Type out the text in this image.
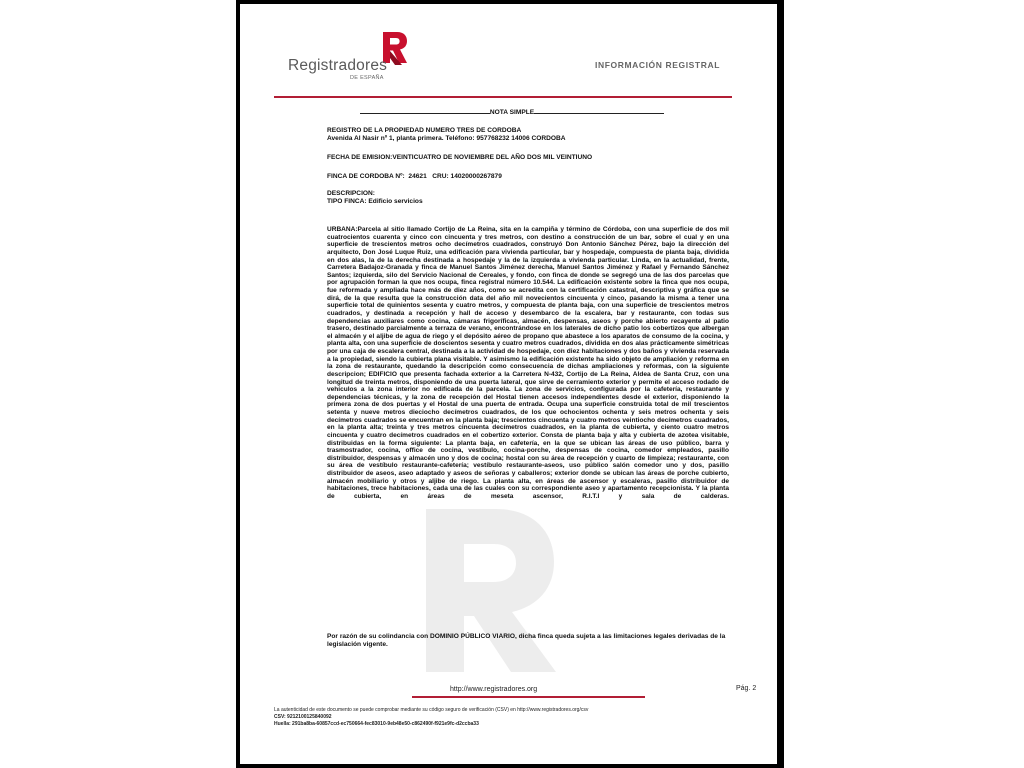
Registradores
DE ESPAÑA
INFORMACIÓN REGISTRAL
NOTA SIMPLE
REGISTRO DE LA PROPIEDAD NUMERO TRES DE CORDOBA
Avenida Al Nasir nº 1, planta primera. Teléfono: 957768232 14006 CORDOBA
FECHA DE EMISION:VEINTICUATRO DE NOVIEMBRE DEL AÑO DOS MIL VEINTIUNO
FINCA DE CORDOBA Nº:  24621   CRU: 14020000267879
DESCRIPCION:
TIPO FINCA: Edificio servicios
URBANA:Parcela al sitio llamado Cortijo de La Reina, sita en la campiña y término de Córdoba, con una superficie de dos mil cuatrocientos cuarenta y cinco con cincuenta y tres metros, con destino a construcción de un bar, sobre el cual y en una superficie de trescientos metros ocho decímetros cuadrados, construyó Don Antonio Sánchez Pérez, bajo la dirección del arquitecto, Don José Luque Ruiz, una edificación para vivienda particular, bar y hospedaje, compuesta de planta baja, dividida en dos alas, la de la derecha destinada a hospedaje y la de la izquierda a vivienda particular. Linda, en la actualidad, frente, Carretera Badajoz-Granada y finca de Manuel Santos Jiménez derecha, Manuel Santos Jiménez y Rafael y Fernando Sánchez Santos; izquierda, silo del Servicio Nacional de Cereales, y fondo, con finca de donde se segregó una de las dos parcelas que por agrupación forman la que nos ocupa, finca registral número 10.544. La edificación existente sobre la finca que nos ocupa, fue reformada y ampliada hace más de diez años, como se acredita con la certificación catastral, descriptiva y gráfica que se dirá, de la que resulta que la construcción data del año mil novecientos cincuenta y cinco, pasando la misma a tener una superficie total de quinientos sesenta y cuatro metros, y compuesta de planta baja, con una superficie de trescientos metros cuadrados, y destinada a recepción y hall de acceso y desembarco de la escalera, bar y restaurante, con todas sus dependencias auxiliares como cocina, cámaras frigoríficas, almacén, despensas, aseos y porche abierto recayente al patio trasero, destinado parcialmente a terraza de verano, encontrándose en los laterales de dicho patio los cobertizos que albergan el almacén y el aljibe de agua de riego y el depósito aéreo de propano que abastece a los aparatos de consumo de la cocina, y planta alta, con una superficie de doscientos sesenta y cuatro metros cuadrados, dividida en dos alas prácticamente simétricas por una caja de escalera central, destinada a la actividad de hospedaje, con diez habitaciones y dos baños y vivienda reservada a la propiedad, siendo la cubierta plana visitable. Y asimismo la edificación existente ha sido objeto de ampliación y reforma en la zona de restaurante, quedando la descripción como consecuencia de dichas ampliaciones y reformas, con la siguiente descripcion; EDIFICIO que presenta fachada exterior a la Carretera N-432, Cortijo de La Reina, Aldea de Santa Cruz, con una longitud de treinta metros, disponiendo de una puerta lateral, que sirve de cerramiento exterior y permite el acceso rodado de vehículos a la zona interior no edificada de la parcela. La zona de servicios, configurada por la cafetería, restaurante y dependencias técnicas, y la zona de recepción del Hostal tienen accesos independientes desde el exterior, disponiendo la primera zona de dos puertas y el Hostal de una puerta de entrada. Ocupa una superficie construida total de mil trescientos setenta y nueve metros dieciocho decímetros cuadrados, de los que ochocientos ochenta y seis metros ochenta y seis decímetros cuadrados se encuentran en la planta baja; trescientos cincuenta y cuatro metros veintiocho decímetros cuadrados, en la planta alta; treinta y tres metros cincuenta decímetros cuadrados, en la planta de cubierta, y ciento cuatro metros cincuenta y cuatro decímetros cuadrados en el cobertizo exterior. Consta de planta baja y alta y cubierta de azotea visitable, distribuidas en la forma siguiente: La planta baja, en cafetería, en la que se ubican las áreas de uso público, barra y trasmostrador, cocina, office de cocina, vestíbulo, cocina-porche, despensas de cocina, comedor empleados, pasillo distribuidor, despensas y almacén uno y dos de cocina; hostal con su área de recepción y cuarto de limpieza; restaurante, con su área de vestíbulo restaurante-cafetería; vestíbulo restaurante-aseos, uso público salón comedor uno y dos, pasillo distribuidor de aseos, aseo adaptado y aseos de señoras y caballeros; exterior donde se ubican las áreas de porche cubierto, almacén mobiliario y otros y aljibe de riego. La planta alta, en áreas de ascensor y escaleras, pasillo distribuidor de habitaciones, trece habitaciones, cada una de las cuales con su correspondiente aseo y apartamento recepcionista. Y la planta de cubierta, en áreas de meseta ascensor, R.I.T.I y sala de calderas.
Por razón de su colindancia con DOMINIO PÚBLICO VIARIO, dicha finca queda sujeta a las limitaciones legales derivadas de la legislación vigente.
http://www.registradores.org	Pág. 2
La autenticidad de este documento se puede comprobar mediante su código seguro de verificación (CSV) en http://www.registradores.org/csv
CSV: 9212100125840092
Huella: 291ba8ba-60857ccd-ec750664-fec83010-9eb48e50-c862490f-f921e9fc-d2ccba33
